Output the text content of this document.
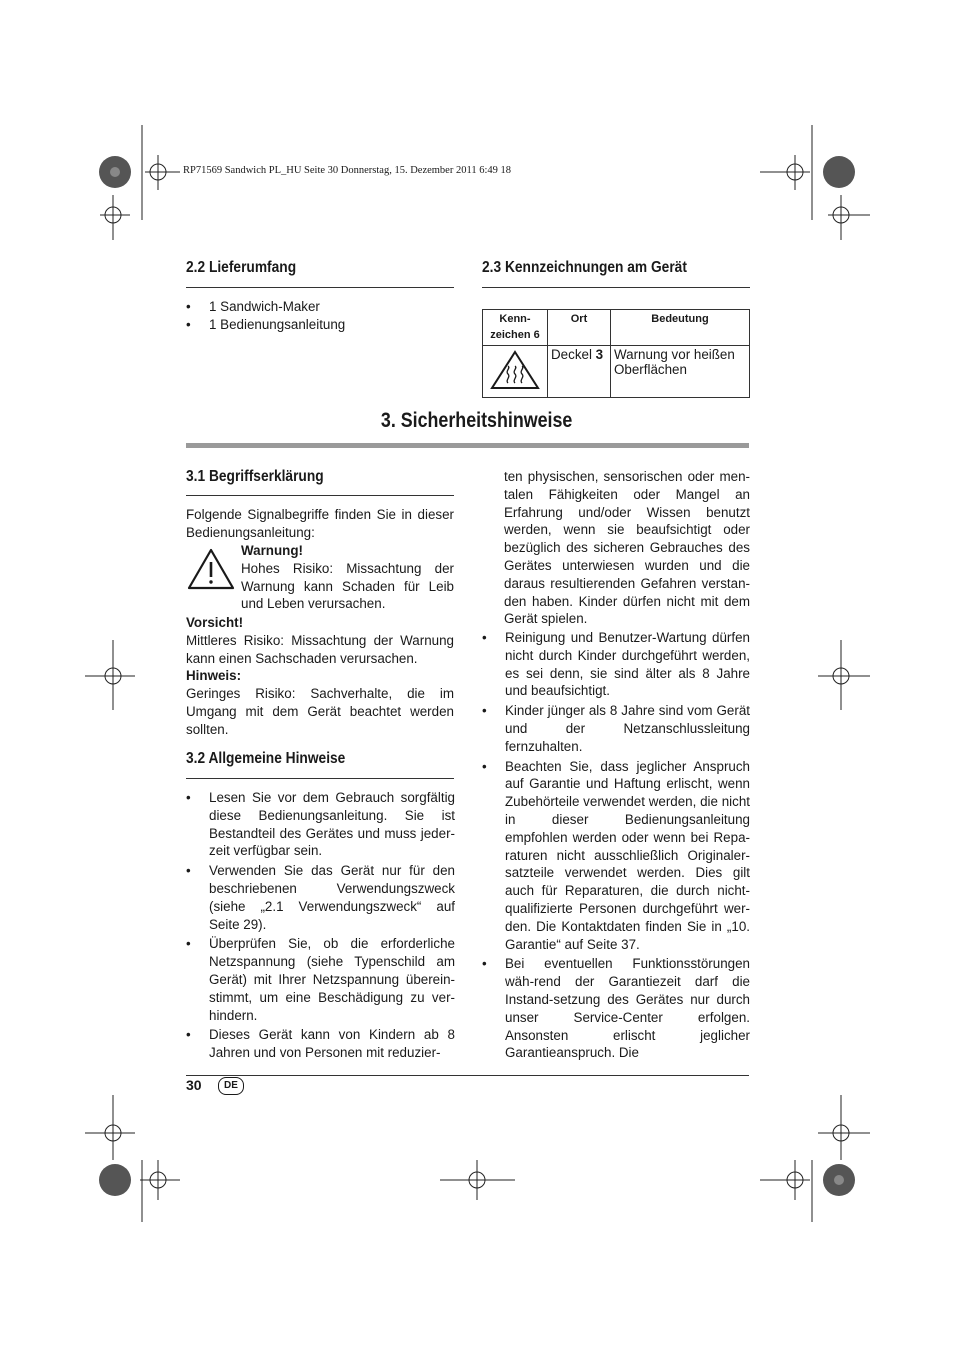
RP71569 Sandwich PL_HU Seite 30 Donnerstag, 15. Dezember 2011 6:49 18
2.2 Lieferumfang
• 1 Sandwich-Maker
• 1 Bedienungsanleitung
2.3 Kennzeichnungen am Gerät
Kenn-
zeichen 6	Ort	Bedeutung
	Deckel 3	Warnung vor heißen Oberflächen
3. Sicherheitshinweise
3.1 Begriffserklärung
Folgende Signalbegriffe finden Sie in dieser Bedienungsanleitung:
Warnung!
Hohes Risiko: Missachtung der Warnung kann Schaden für Leib und Leben verursachen.
Vorsicht!
Mittleres Risiko: Missachtung der Warnung kann einen Sachschaden verursachen.
Hinweis:
Geringes Risiko: Sachverhalte, die im Umgang mit dem Gerät beachtet werden sollten.
3.2 Allgemeine Hinweise
• Lesen Sie vor dem Gebrauch sorgfältig diese Bedienungsanleitung. Sie ist Bestandteil des Gerätes und muss jeder-zeit verfügbar sein.
• Verwenden Sie das Gerät nur für den beschriebenen Verwendungszweck (siehe „2.1 Verwendungszweck“ auf Seite 29).
• Überprüfen Sie, ob die erforderliche Netzspannung (siehe Typenschild am Gerät) mit Ihrer Netzspannung überein-stimmt, um eine Beschädigung zu ver-hindern.
• Dieses Gerät kann von Kindern ab 8 Jahren und von Personen mit reduzier-
ten physischen, sensorischen oder men-talen Fähigkeiten oder Mangel an Erfahrung und/oder Wissen benutzt werden, wenn sie beaufsichtigt oder bezüglich des sicheren Gebrauches des Gerätes unterwiesen wurden und die daraus resultierenden Gefahren verstan-den haben. Kinder dürfen nicht mit dem Gerät spielen.
• Reinigung und Benutzer-Wartung dürfen nicht durch Kinder durchgeführt werden, es sei denn, sie sind älter als 8 Jahre und beaufsichtigt.
• Kinder jünger als 8 Jahre sind vom Gerät und der Netzanschlussleitung fernzuhalten.
• Beachten Sie, dass jeglicher Anspruch auf Garantie und Haftung erlischt, wenn Zubehörteile verwendet werden, die nicht in dieser Bedienungsanleitung empfohlen werden oder wenn bei Repa-raturen nicht ausschließlich Originaler-satzteile verwendet werden. Dies gilt auch für Reparaturen, die durch nicht-qualifizierte Personen durchgeführt wer-den. Die Kontaktdaten finden Sie in „10. Garantie“ auf Seite 37.
• Bei eventuellen Funktionsstörungen wäh-rend der Garantiezeit darf die Instand-setzung des Gerätes nur durch unser Service-Center erfolgen. Ansonsten erlischt jeglicher Garantieanspruch. Die
30	DE
